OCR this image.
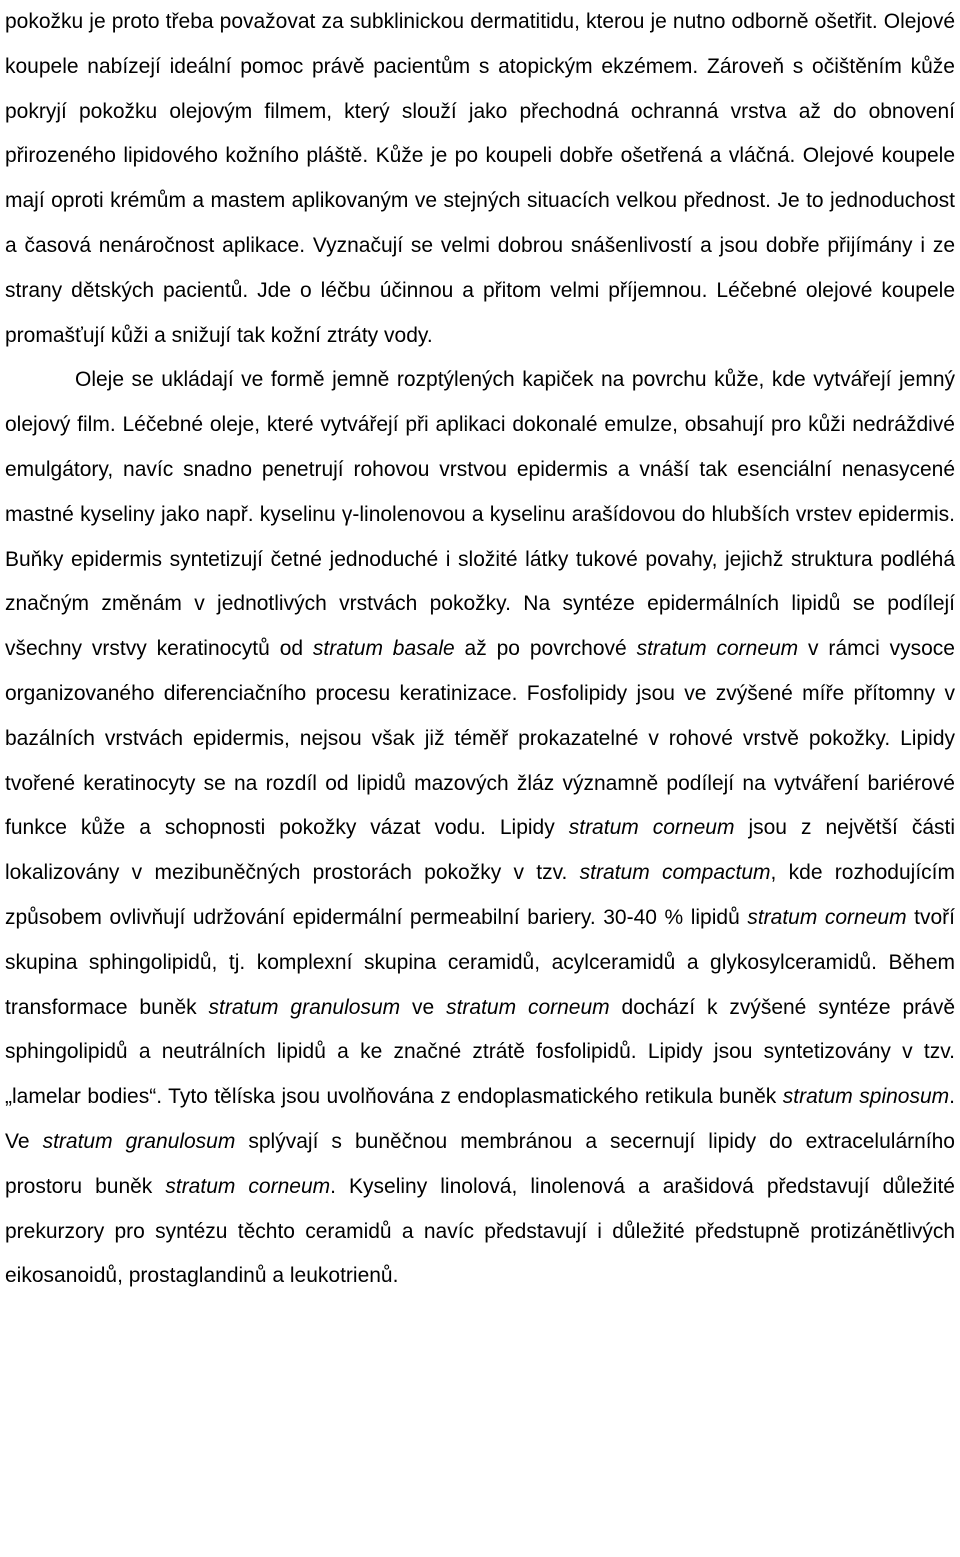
pokožku je proto třeba považovat za subklinickou dermatitidu, kterou je nutno odborně ošetřit. Olejové koupele nabízejí ideální pomoc právě pacientům s atopickým ekzémem. Zároveň s očištěním kůže pokryjí pokožku olejovým filmem, který slouží jako přechodná ochranná vrstva až do obnovení přirozeného lipidového kožního pláště. Kůže je po koupeli dobře ošetřená a vláčná. Olejové koupele mají oproti krémům a mastem aplikovaným ve stejných situacích velkou přednost. Je to jednoduchost a časová nenáročnost aplikace. Vyznačují se velmi dobrou snášenlivostí a jsou dobře přijímány i ze strany dětských pacientů. Jde o léčbu účinnou a přitom velmi příjemnou. Léčebné olejové koupele promašťují kůži a snižují tak kožní ztráty vody.

Oleje se ukládají ve formě jemně rozptýlených kapiček na povrchu kůže, kde vytvářejí jemný olejový film. Léčebné oleje, které vytvářejí při aplikaci dokonalé emulze, obsahují pro kůži nedráždivé emulgátory, navíc snadno penetrují rohovou vrstvou epidermis a vnáší tak esenciální nenasycené mastné kyseliny jako např. kyselinu γ-linolenovou a kyselinu arašídovou do hlubších vrstev epidermis. Buňky epidermis syntetizují četné jednoduché i složité látky tukové povahy, jejichž struktura podléhá značným změnám v jednotlivých vrstvách pokožky. Na syntéze epidermálních lipidů se podílejí všechny vrstvy keratinocytů od stratum basale až po povrchové stratum corneum v rámci vysoce organizovaného diferenciačního procesu keratinizace. Fosfolipidy jsou ve zvýšené míře přítomny v bazálních vrstvách epidermis, nejsou však již téměř prokazatelné v rohové vrstvě pokožky. Lipidy tvořené keratinocyty se na rozdíl od lipidů mazových žláz významně podílejí na vytváření bariérové funkce kůže a schopnosti pokožky vázat vodu. Lipidy stratum corneum jsou z největší části lokalizovány v mezibuněčných prostorách pokožky v tzv. stratum compactum, kde rozhodujícím způsobem ovlivňují udržování epidermální permeabilní bariery. 30-40 % lipidů stratum corneum tvoří skupina sphingolipidů, tj. komplexní skupina ceramidů, acylceramidů a glykosylceramidů. Během transformace buněk stratum granulosum ve stratum corneum dochází k zvýšené syntéze právě sphingolipidů a neutrálních lipidů a ke značné ztrátě fosfolipidů. Lipidy jsou syntetizovány v tzv. „lamelar bodies“. Tyto tělíska jsou uvolňována z endoplasmatického retikula buněk stratum spinosum. Ve stratum granulosum splývají s buněčnou membránou a secernují lipidy do extracelulárního prostoru buněk stratum corneum. Kyseliny linolová, linolenová a arašidová představují důležité prekurzory pro syntézu těchto ceramidů a navíc představují i důležité předstupně protizánětlivých eikosanoidů, prostaglandinů a leukotrienů.
